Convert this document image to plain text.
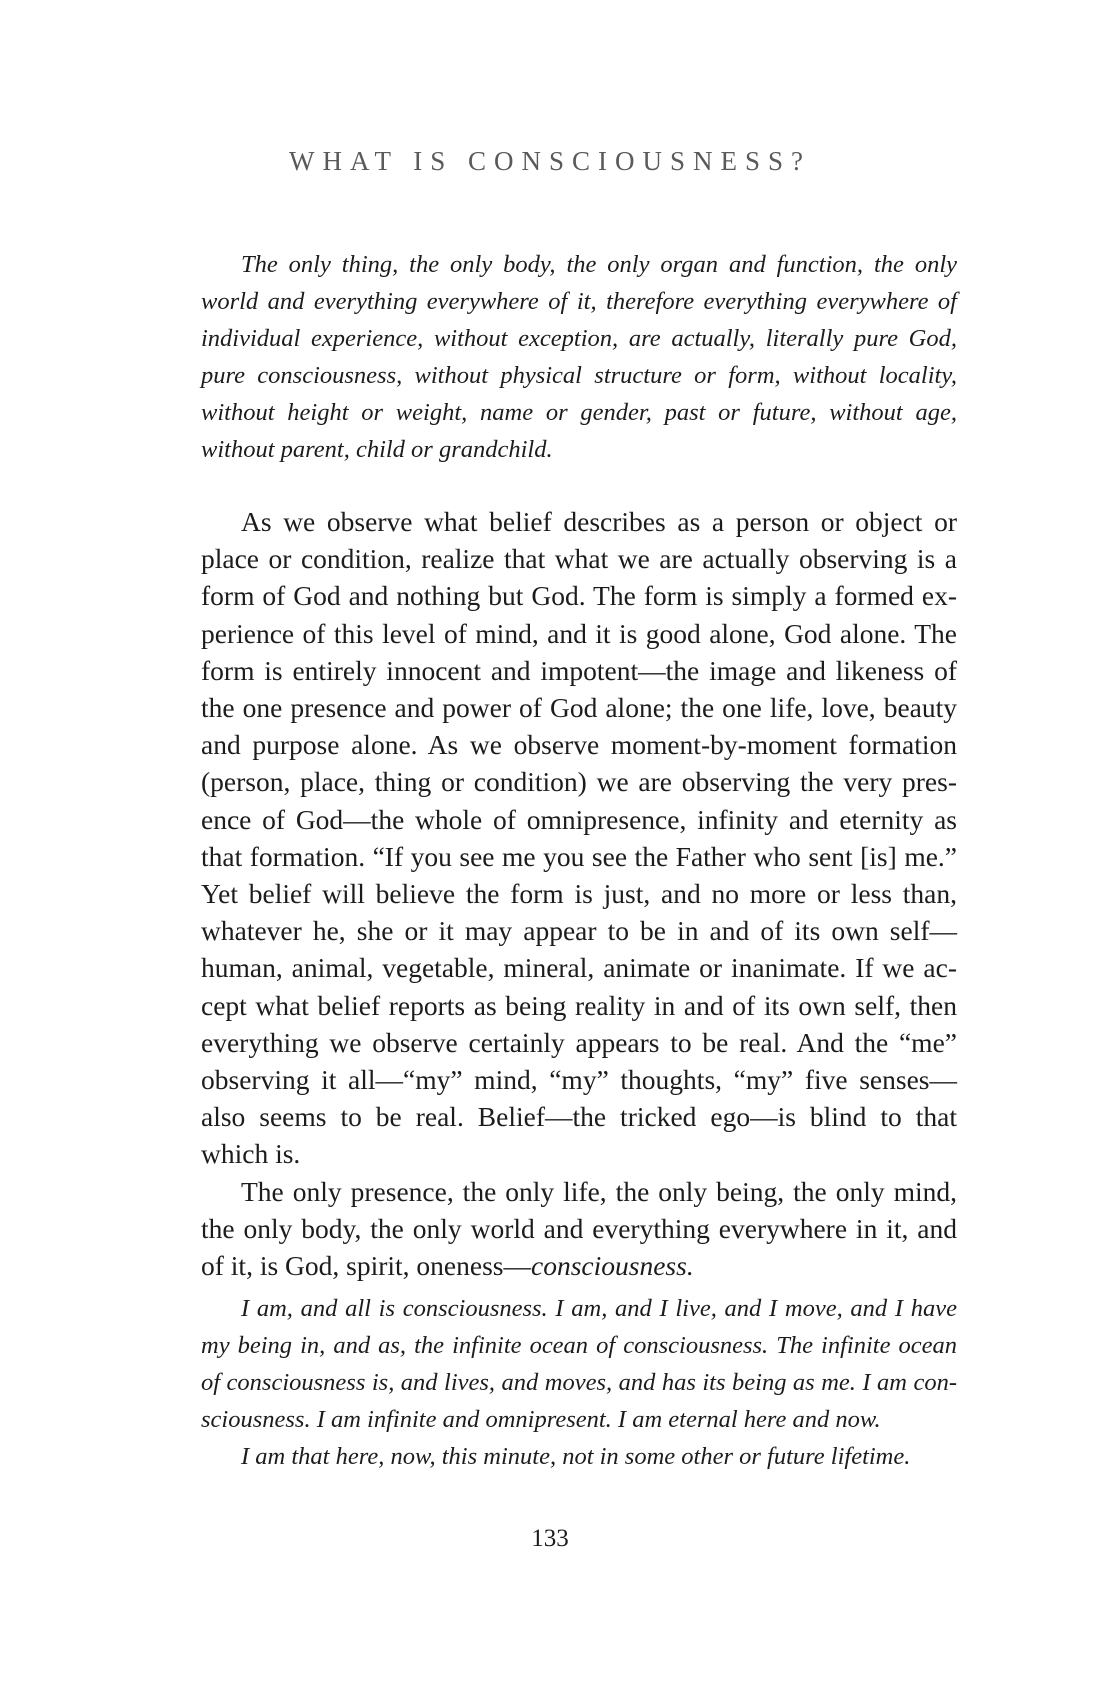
WHAT IS CONSCIOUSNESS?

The only thing, the only body, the only organ and function, the only world and everything everywhere of it, therefore everything everywhere of individual experience, without exception, are actually, literally pure God, pure consciousness, without physical structure or form, without locality, without height or weight, name or gender, past or future, without age, without parent, child or grandchild.

As we observe what belief describes as a person or object or place or condition, realize that what we are actually observing is a form of God and nothing but God. The form is simply a formed experience of this level of mind, and it is good alone, God alone. The form is entirely innocent and impotent—the image and likeness of the one presence and power of God alone; the one life, love, beauty and purpose alone. As we observe moment-by-moment formation (person, place, thing or condition) we are observing the very presence of God—the whole of omnipresence, infinity and eternity as that formation. “If you see me you see the Father who sent [is] me.” Yet belief will believe the form is just, and no more or less than, whatever he, she or it may appear to be in and of its own self—human, animal, vegetable, mineral, animate or inanimate. If we accept what belief reports as being reality in and of its own self, then everything we observe certainly appears to be real. And the “me” observing it all—“my” mind, “my” thoughts, “my” five senses—also seems to be real. Belief—the tricked ego—is blind to that which is.

The only presence, the only life, the only being, the only mind, the only body, the only world and everything everywhere in it, and of it, is God, spirit, oneness—consciousness.

I am, and all is consciousness. I am, and I live, and I move, and I have my being in, and as, the infinite ocean of consciousness. The infinite ocean of consciousness is, and lives, and moves, and has its being as me. I am consciousness. I am infinite and omnipresent. I am eternal here and now.

I am that here, now, this minute, not in some other or future lifetime.

133
